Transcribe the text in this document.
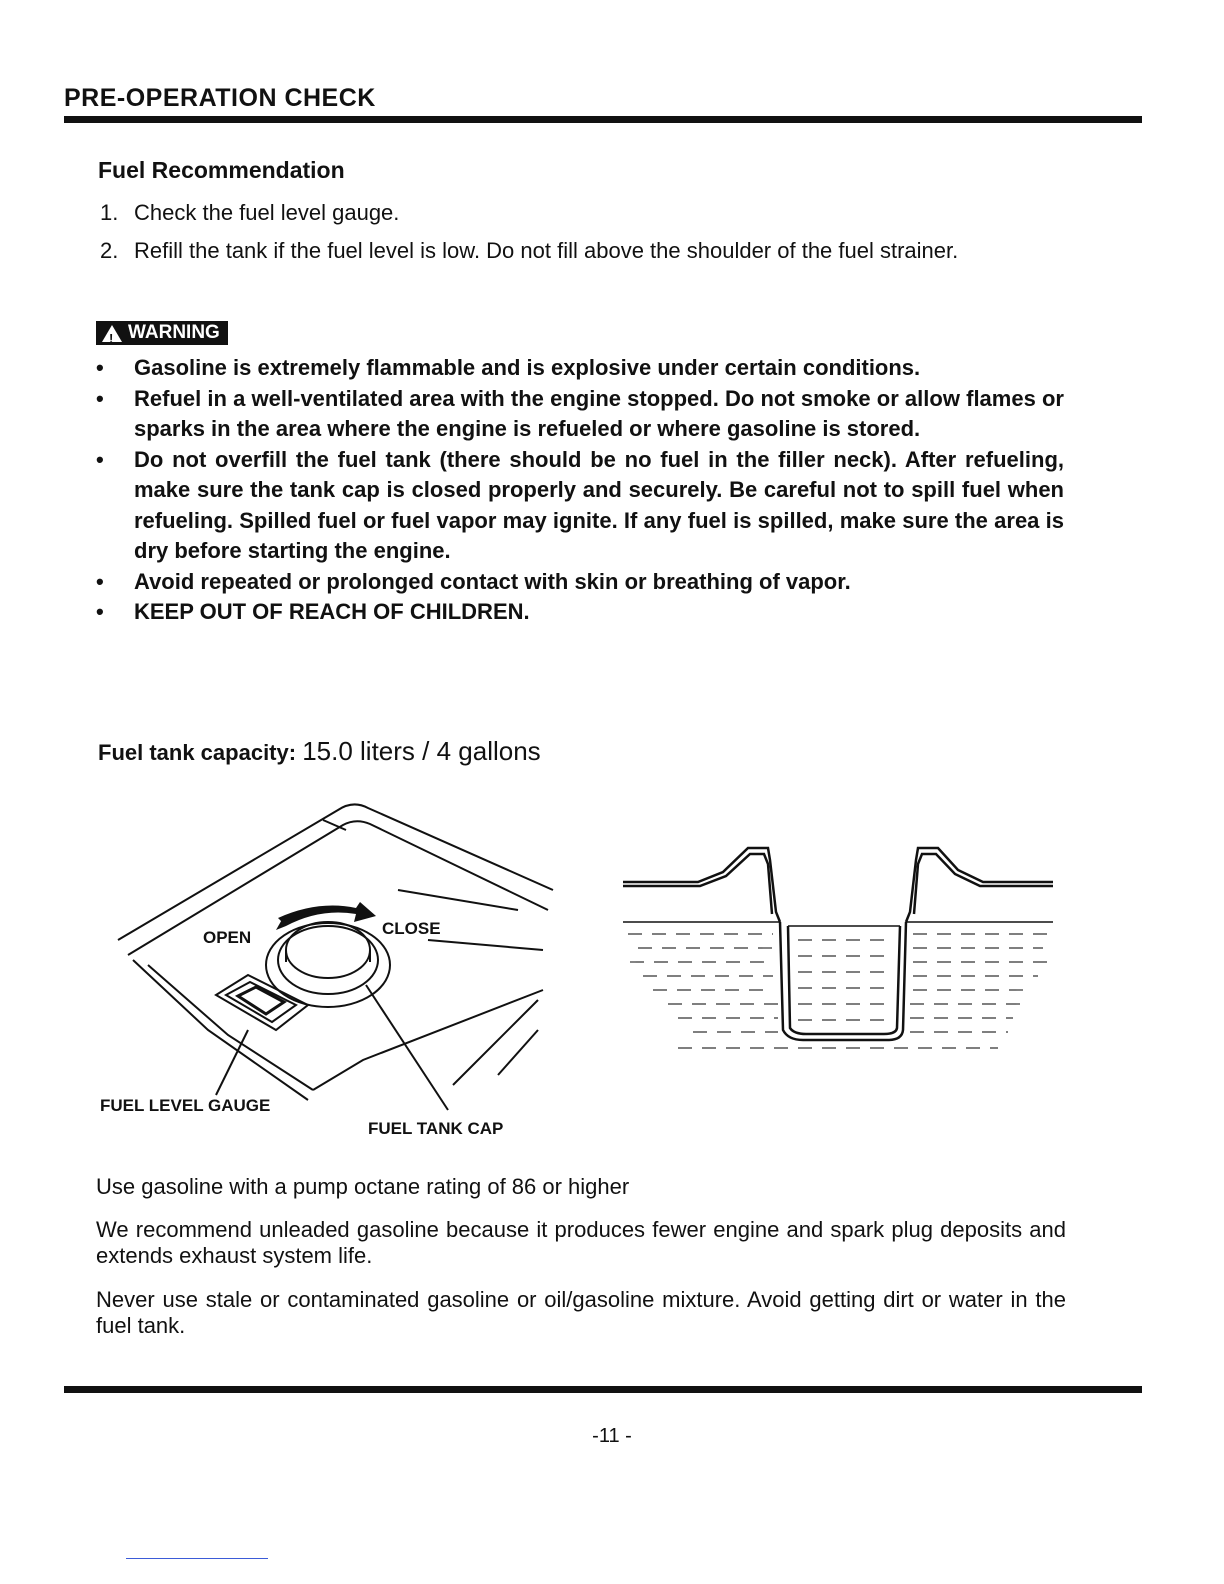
PRE-OPERATION CHECK
Fuel Recommendation
1. Check the fuel level gauge.
2. Refill the tank if the fuel level is low. Do not fill above the shoulder of the fuel strainer.
!
WARNING
• Gasoline is extremely flammable and is explosive under certain conditions.
• Refuel in a well-ventilated area with the engine stopped. Do not smoke or allow flames or sparks in the area where the engine is refueled or where gasoline is stored.
• Do not overfill the fuel tank (there should be no fuel in the filler neck). After refueling, make sure the tank cap is closed properly and securely. Be careful not to spill fuel when refueling. Spilled fuel or fuel vapor may ignite. If any fuel is spilled, make sure the area is dry before starting the engine.
• Avoid repeated or prolonged contact with skin or breathing of vapor.
• KEEP OUT OF REACH OF CHILDREN.

Fuel tank capacity: 15.0 liters / 4 gallons

OPEN	CLOSE

FUEL LEVEL GAUGE

FUEL TANK CAP

Use gasoline with a pump octane rating of 86 or higher

We recommend unleaded gasoline because it produces fewer engine and spark plug deposits and extends exhaust system life.

Never use stale or contaminated gasoline or oil/gasoline mixture. Avoid getting dirt or water in the fuel tank.

-11 -
